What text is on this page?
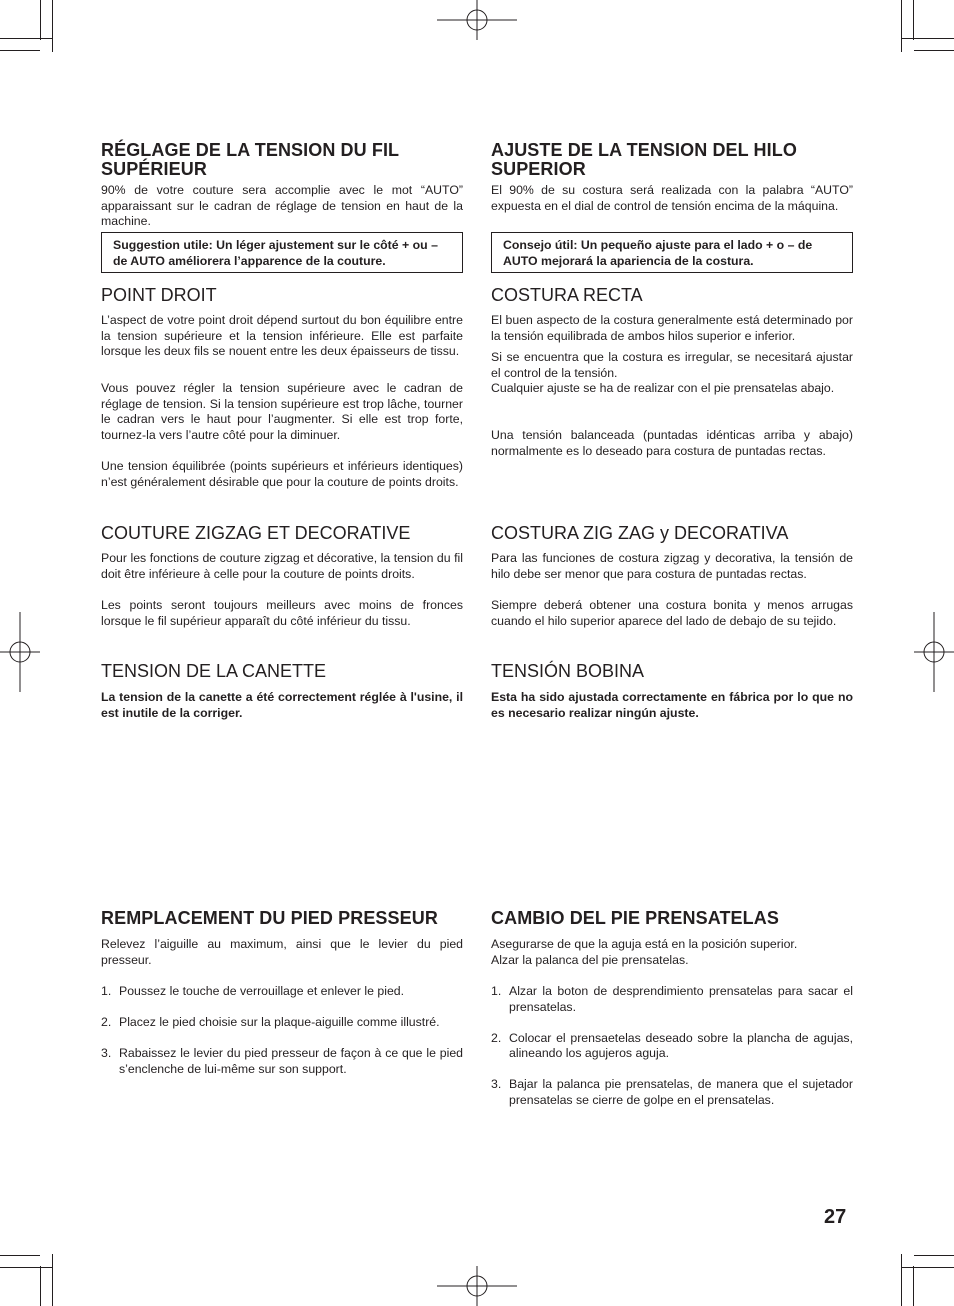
RÉGLAGE DE LA TENSION DU FIL SUPÉRIEUR

90% de votre couture sera accomplie avec le mot “AUTO” apparaissant sur le cadran de réglage de tension en haut de la machine.

Suggestion utile: Un léger ajustement sur le côté + ou – de AUTO améliorera l’apparence de la couture.
POINT DROIT

L’aspect de votre point droit dépend surtout du bon équilibre entre la tension supérieure et la tension inférieure. Elle est parfaite lorsque les deux fils se nouent entre les deux épaisseurs de tissu.

Vous pouvez régler la tension supérieure avec le cadran de réglage de tension. Si la tension supérieure est trop lâche, tourner le cadran vers le haut pour l’augmenter. Si elle est trop forte, tournez-la vers l’autre côté pour la diminuer.

Une tension équilibrée (points supérieurs et inférieurs identiques) n’est généralement désirable que pour la couture de points droits.

COUTURE ZIGZAG ET DECORATIVE

Pour les fonctions de couture zigzag et décorative, la tension du fil doit être inférieure à celle pour la couture de points droits.

Les points seront toujours meilleurs avec moins de fronces lorsque le fil supérieur apparaît du côté inférieur du tissu.

TENSION DE LA CANETTE

La tension de la canette a été correctement réglée à l'usine, il est inutile de la corriger.

REMPLACEMENT DU PIED PRESSEUR

Relevez l’aiguille au maximum, ainsi que le levier du pied presseur.

1. Poussez le touche de verrouillage et enlever le pied.
2. Placez le pied choisie sur la plaque-aiguille comme illustré.
3. Rabaissez le levier du pied presseur de façon à ce que le pied s’enclenche de lui-même sur son support.
AJUSTE DE LA TENSION DEL HILO SUPERIOR

El 90% de su costura será realizada con la palabra “AUTO” expuesta en el dial de control de tensión encima de la máquina.

Consejo útil: Un pequeño ajuste para el lado + o – de AUTO mejorará la apariencia de la costura.
COSTURA RECTA

El buen aspecto de la costura generalmente está determinado por la tensión equilibrada de ambos hilos superior e inferior.

Si se encuentra que la costura es irregular, se necesitará ajustar el control de la tensión.

Cualquier ajuste se ha de realizar con el pie prensatelas abajo.

Una tensión balanceada (puntadas idénticas arriba y abajo) normalmente es lo deseado para costura de puntadas rectas.

COSTURA ZIG ZAG y DECORATIVA

Para las funciones de costura zigzag y decorativa, la tensión de hilo debe ser menor que para costura de puntadas rectas.

Siempre deberá obtener una costura bonita y menos arrugas cuando el hilo superior aparece del lado de debajo de su tejido.

TENSIÓN BOBINA

Esta ha sido ajustada correctamente en fábrica por lo que no es necesario realizar ningún ajuste.

CAMBIO DEL PIE PRENSATELAS

Asegurarse de que la aguja está en la posición superior.

Alzar la palanca del pie prensatelas.

1. Alzar la boton de desprendimiento prensatelas para sacar el prensatelas.
2. Colocar el prensaetelas deseado sobre la plancha de agujas, alineando los agujeros aguja.
3. Bajar la palanca pie prensatelas, de manera que el sujetador prensatelas se cierre de golpe en el prensatelas.
27
